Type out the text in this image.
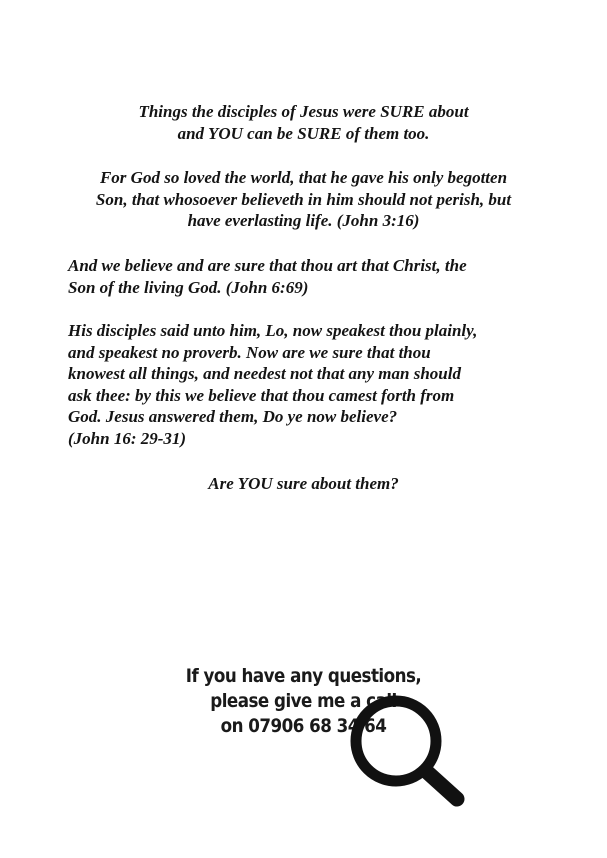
Things the disciples of Jesus were SURE about
and YOU can be SURE of them too.
For God so loved the world, that he gave his only begotten
Son, that whosoever believeth in him should not perish, but
have everlasting life. (John 3:16)
And we believe and are sure that thou art that Christ, the
Son of the living God. (John 6:69)
His disciples said unto him, Lo, now speakest thou plainly,
and speakest no proverb. Now are we sure that thou
knowest all things, and needest not that any man should
ask thee: by this we believe that thou camest forth from
God. Jesus answered them, Do ye now believe?
(John 16: 29-31)
Are YOU sure about them?
If you have any questions,
please give me a call
on 07906 68 34 64
